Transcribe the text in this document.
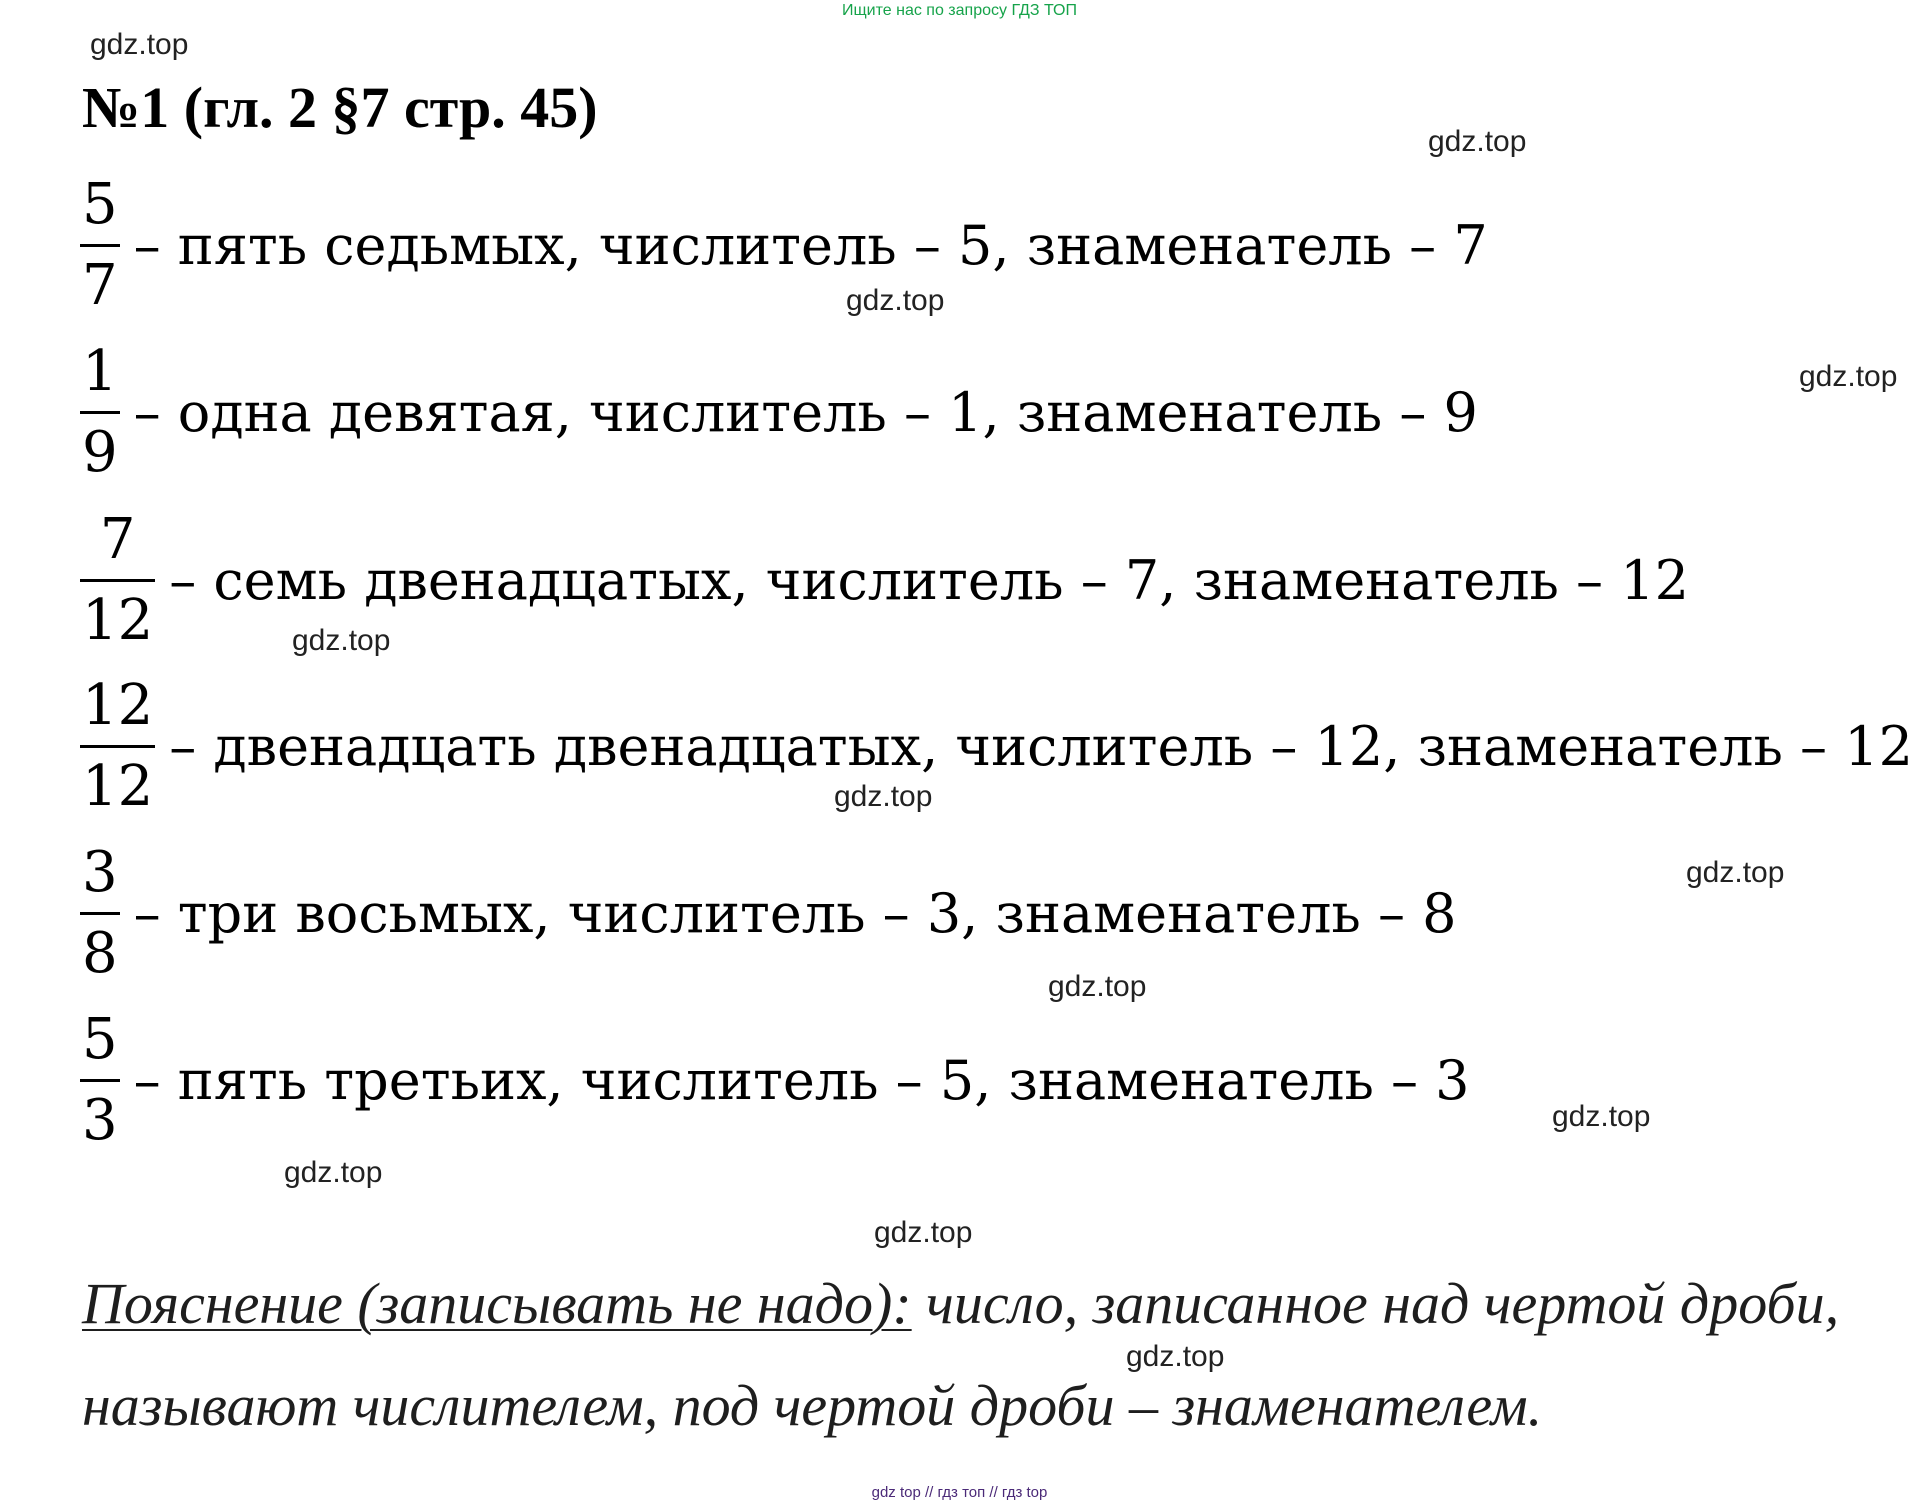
Ищите нас по запросу ГДЗ ТОП
№1 (гл. 2 §7 стр. 45)
gdz.top
gdz.top
gdz.top
gdz.top
gdz.top
gdz.top
gdz.top
gdz.top
gdz.top
gdz.top
gdz.top
gdz.top
$\frac{5}{7}$ – пять седьмых, числитель – 5, знаменатель – 7
$\frac{1}{9}$ – одна девятая, числитель – 1, знаменатель – 9
$\frac{7}{12}$ – семь двенадцатых, числитель – 7, знаменатель – 12
$\frac{12}{12}$ – двенадцать двенадцатых, числитель – 12, знаменатель – 12
$\frac{3}{8}$ – три восьмых, числитель – 3, знаменатель – 8
$\frac{5}{3}$ – пять третьих, числитель – 5, знаменатель – 3
Пояснение (записывать не надо): число, записанное над чертой дроби,
называют числителем, под чертой дроби – знаменателем.
gdz top // гдз топ // гдз top
